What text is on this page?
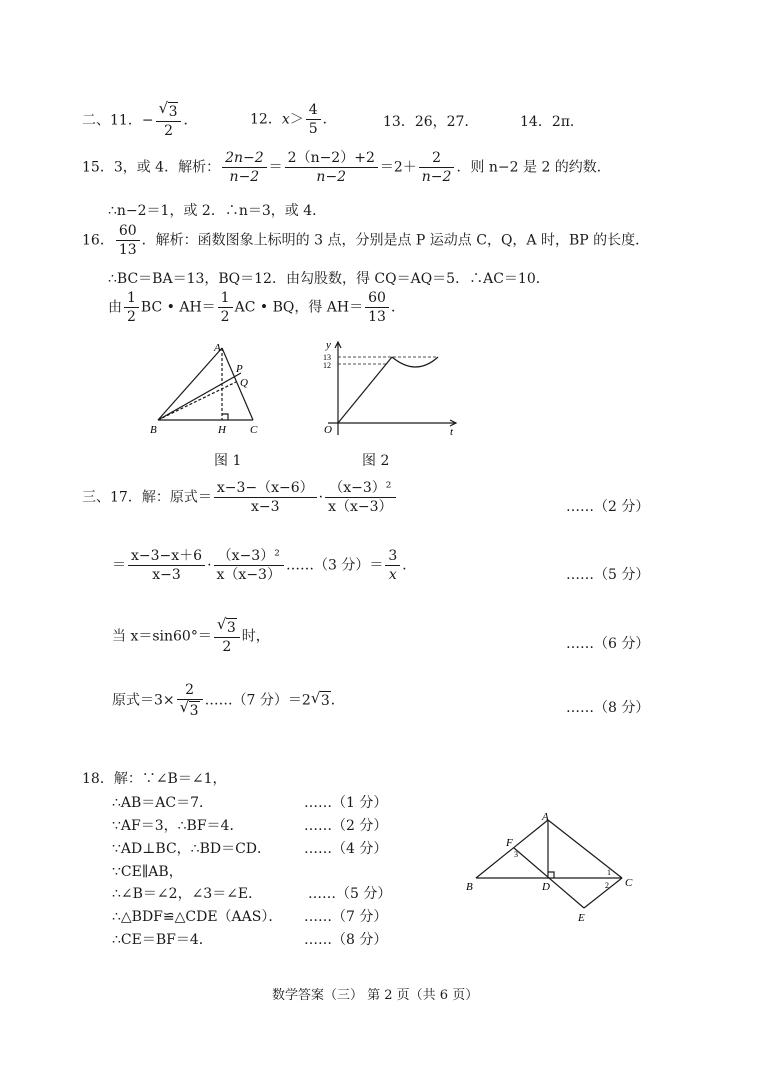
二、11．− $\frac{√ 3}{2}$ ．	12．$x> \frac{4}{5}$ ．	13．26，27．	14．2π．
15．3，或 4．解析： $\frac{2n-2}{n-2} = \frac{2(n-2)+2}{n-2} =2+ \frac{2}{n-2}$ ．则 n−2 是 2 的约数．
∴n−2＝1，或 2．∴n＝3，或 4．
16． $\frac{60}{13}$ ．解析：函数图象上标明的 3 点，分别是点 P 运动点 C，Q，A 时，BP 的长度．
∴BC＝BA＝13，BQ＝12．由勾股数，得 CQ＝AQ＝5．∴AC＝10．
由 $\frac{1}{2}$ BC • $AH= \frac{1}{2}$ AC • BQ，得 $AH= \frac{60}{13}$ ．
A
B	C
H
P
Q
图 1
y
t
O
13
12
图 2
三、17．解：原式＝ $\frac{x-3-(x-6)}{x-3} \cdot \frac{\text{（x−3）²}}{x(x-3)}$	……（2 分）
＝ $\frac{x-3-x+6}{x-3} \cdot \frac{\text{（x−3）²}}{x(x-3)}$ ……（3 分）＝ $\frac{3}{x}$ ．
……（5 分）
当 $x=\sin 60^\circ= \frac{√ 3}{2}$ 时，	……（6 分）
原式$=3\times \frac{2}{√ 3}$ ……（7 分）＝2 √ 3．	……（8 分）
18．解：∵∠B＝∠1，
∴AB＝AC＝7．	……（1 分）
∵AF＝3，∴BF＝4．	……（2 分）
∵AD⊥BC，∴BD＝CD． ……（4 分）
∵CE∥AB，
∴∠B＝∠2，∠3＝∠E．	……（5 分）
∴△BDF≌△CDE（AAS）． ……（7 分）
∴CE＝BF＝4．	……（8 分）
A
B	C
D
E
F
1
2
3
数学答案（三） 第 2 页（共 6 页）
